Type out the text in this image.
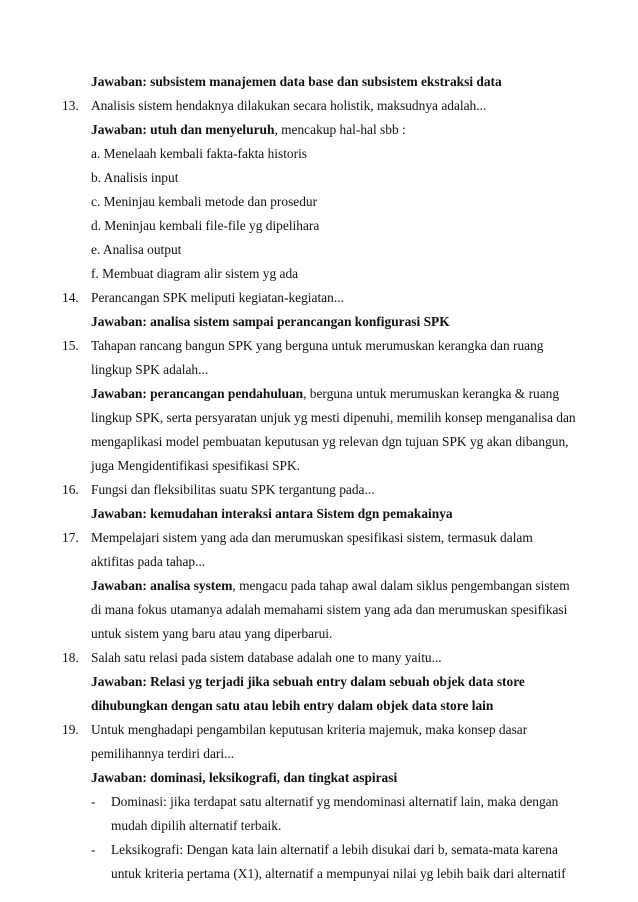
Jawaban: subsistem manajemen data base dan subsistem ekstraksi data
13. Analisis sistem hendaknya dilakukan secara holistik, maksudnya adalah...
Jawaban: utuh dan menyeluruh, mencakup hal-hal sbb :
a. Menelaah kembali fakta-fakta historis
b. Analisis input
c. Meninjau kembali metode dan prosedur
d. Meninjau kembali file-file yg dipelihara
e. Analisa output
f. Membuat diagram alir sistem yg ada
14. Perancangan SPK meliputi kegiatan-kegiatan...
Jawaban: analisa sistem sampai perancangan konfigurasi SPK
15. Tahapan rancang bangun SPK yang berguna untuk merumuskan kerangka dan ruang
lingkup SPK adalah...
Jawaban: perancangan pendahuluan, berguna untuk merumuskan kerangka & ruang
lingkup SPK, serta persyaratan unjuk yg mesti dipenuhi, memilih konsep menganalisa dan
mengaplikasi model pembuatan keputusan yg relevan dgn tujuan SPK yg akan dibangun,
juga Mengidentifikasi spesifikasi SPK.
16. Fungsi dan fleksibilitas suatu SPK tergantung pada...
Jawaban: kemudahan interaksi antara Sistem dgn pemakainya
17. Mempelajari sistem yang ada dan merumuskan spesifikasi sistem, termasuk dalam
aktifitas pada tahap...
Jawaban: analisa system, mengacu pada tahap awal dalam siklus pengembangan sistem
di mana fokus utamanya adalah memahami sistem yang ada dan merumuskan spesifikasi
untuk sistem yang baru atau yang diperbarui.
18. Salah satu relasi pada sistem database adalah one to many yaitu...
Jawaban: Relasi yg terjadi jika sebuah entry dalam sebuah objek data store
dihubungkan dengan satu atau lebih entry dalam objek data store lain
19. Untuk menghadapi pengambilan keputusan kriteria majemuk, maka konsep dasar
pemilihannya terdiri dari...
Jawaban: dominasi, leksikografi, dan tingkat aspirasi
- Dominasi: jika terdapat satu alternatif yg mendominasi alternatif lain, maka dengan
mudah dipilih alternatif terbaik.
- Leksikografi: Dengan kata lain alternatif a lebih disukai dari b, semata-mata karena
untuk kriteria pertama (X1), alternatif a mempunyai nilai yg lebih baik dari alternatif
